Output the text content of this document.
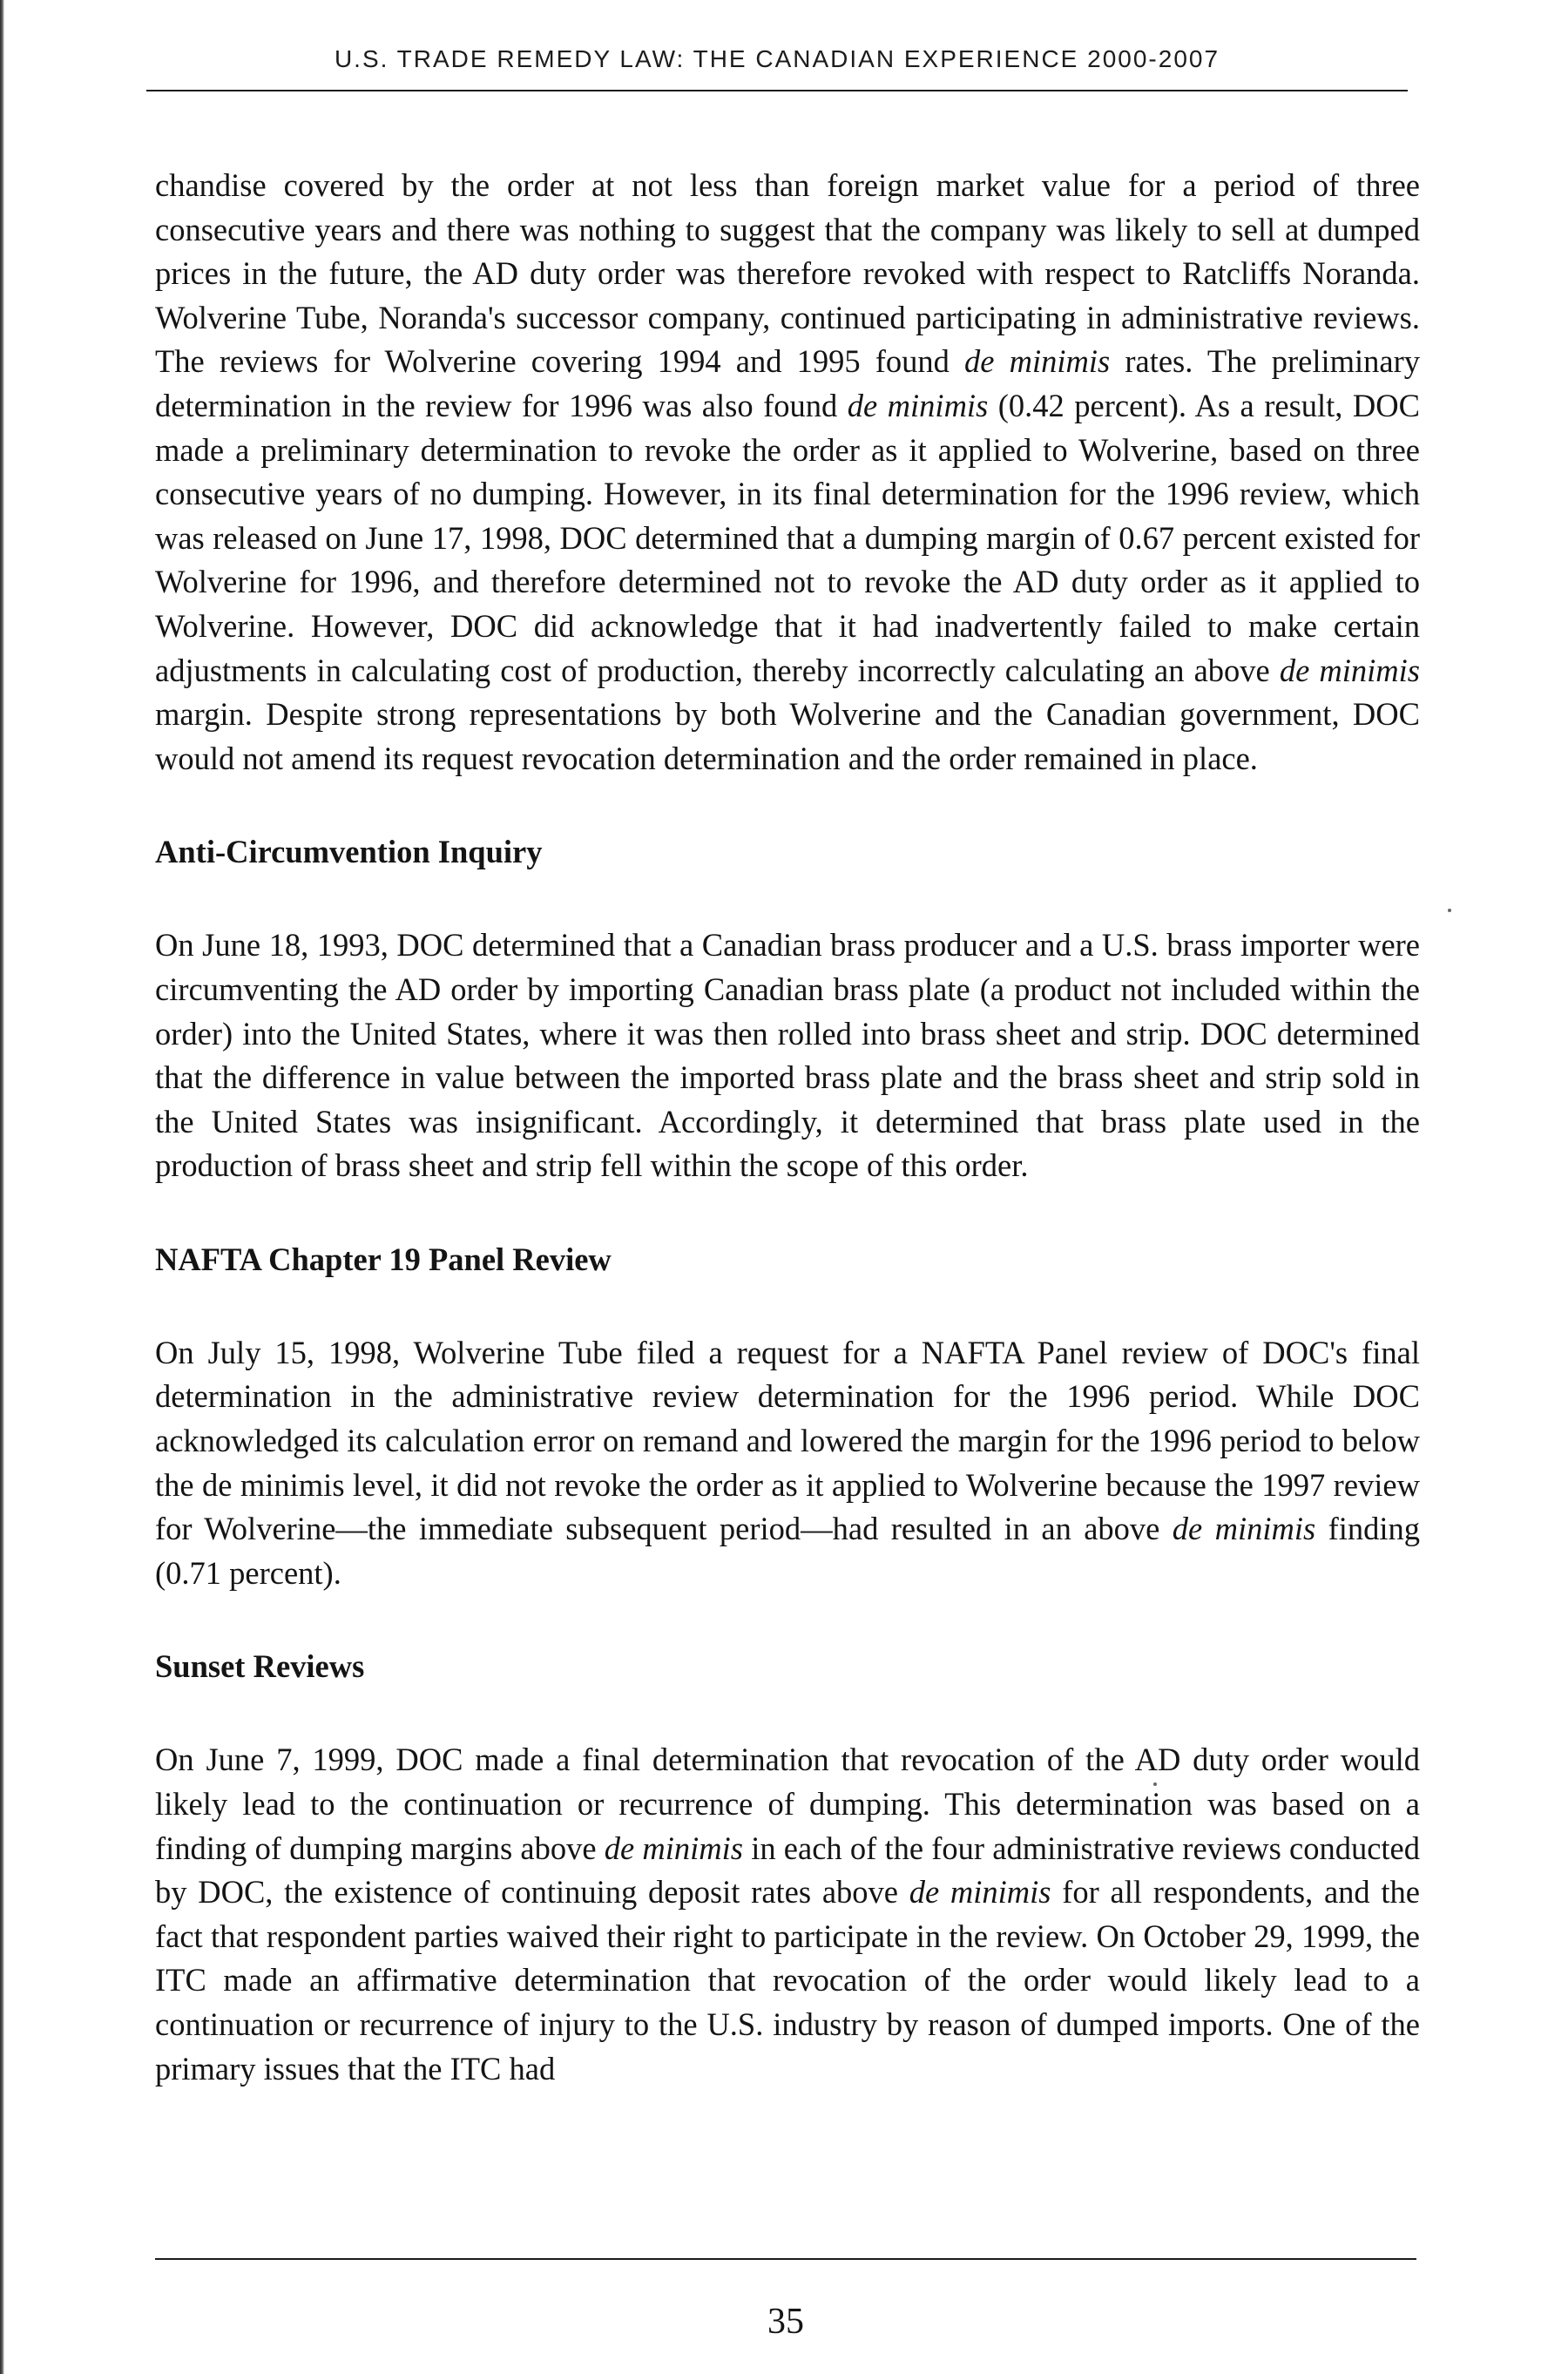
U.S. TRADE REMEDY LAW: THE CANADIAN EXPERIENCE 2000-2007

chandise covered by the order at not less than foreign market value for a period of three consecutive years and there was nothing to suggest that the company was likely to sell at dumped prices in the future, the AD duty order was therefore revoked with respect to Ratcliffs Noranda. Wolverine Tube, Noranda's successor company, continued participating in administrative reviews. The reviews for Wolverine covering 1994 and 1995 found de minimis rates. The preliminary determination in the review for 1996 was also found de minimis (0.42 percent). As a result, DOC made a preliminary determination to revoke the order as it applied to Wolverine, based on three consecutive years of no dumping. However, in its final determination for the 1996 review, which was released on June 17, 1998, DOC determined that a dumping margin of 0.67 percent existed for Wolverine for 1996, and therefore determined not to revoke the AD duty order as it applied to Wolverine. However, DOC did acknowledge that it had inadvertently failed to make certain adjustments in calculating cost of production, thereby incorrectly calculating an above de minimis margin. Despite strong representations by both Wolverine and the Canadian government, DOC would not amend its request revocation determination and the order remained in place.

Anti-Circumvention Inquiry

On June 18, 1993, DOC determined that a Canadian brass producer and a U.S. brass importer were circumventing the AD order by importing Canadian brass plate (a product not included within the order) into the United States, where it was then rolled into brass sheet and strip. DOC determined that the difference in value between the imported brass plate and the brass sheet and strip sold in the United States was insignificant. Accordingly, it determined that brass plate used in the production of brass sheet and strip fell within the scope of this order.

NAFTA Chapter 19 Panel Review

On July 15, 1998, Wolverine Tube filed a request for a NAFTA Panel review of DOC's final determination in the administrative review determination for the 1996 period. While DOC acknowledged its calculation error on remand and lowered the margin for the 1996 period to below the de minimis level, it did not revoke the order as it applied to Wolverine because the 1997 review for Wolverine—the immediate subsequent period—had resulted in an above de minimis finding (0.71 percent).

Sunset Reviews

On June 7, 1999, DOC made a final determination that revocation of the AD duty order would likely lead to the continuation or recurrence of dumping. This determination was based on a finding of dumping margins above de minimis in each of the four administrative reviews conducted by DOC, the existence of continuing deposit rates above de minimis for all respondents, and the fact that respondent parties waived their right to participate in the review. On October 29, 1999, the ITC made an affirmative determination that revocation of the order would likely lead to a continuation or recurrence of injury to the U.S. industry by reason of dumped imports. One of the primary issues that the ITC had

35
